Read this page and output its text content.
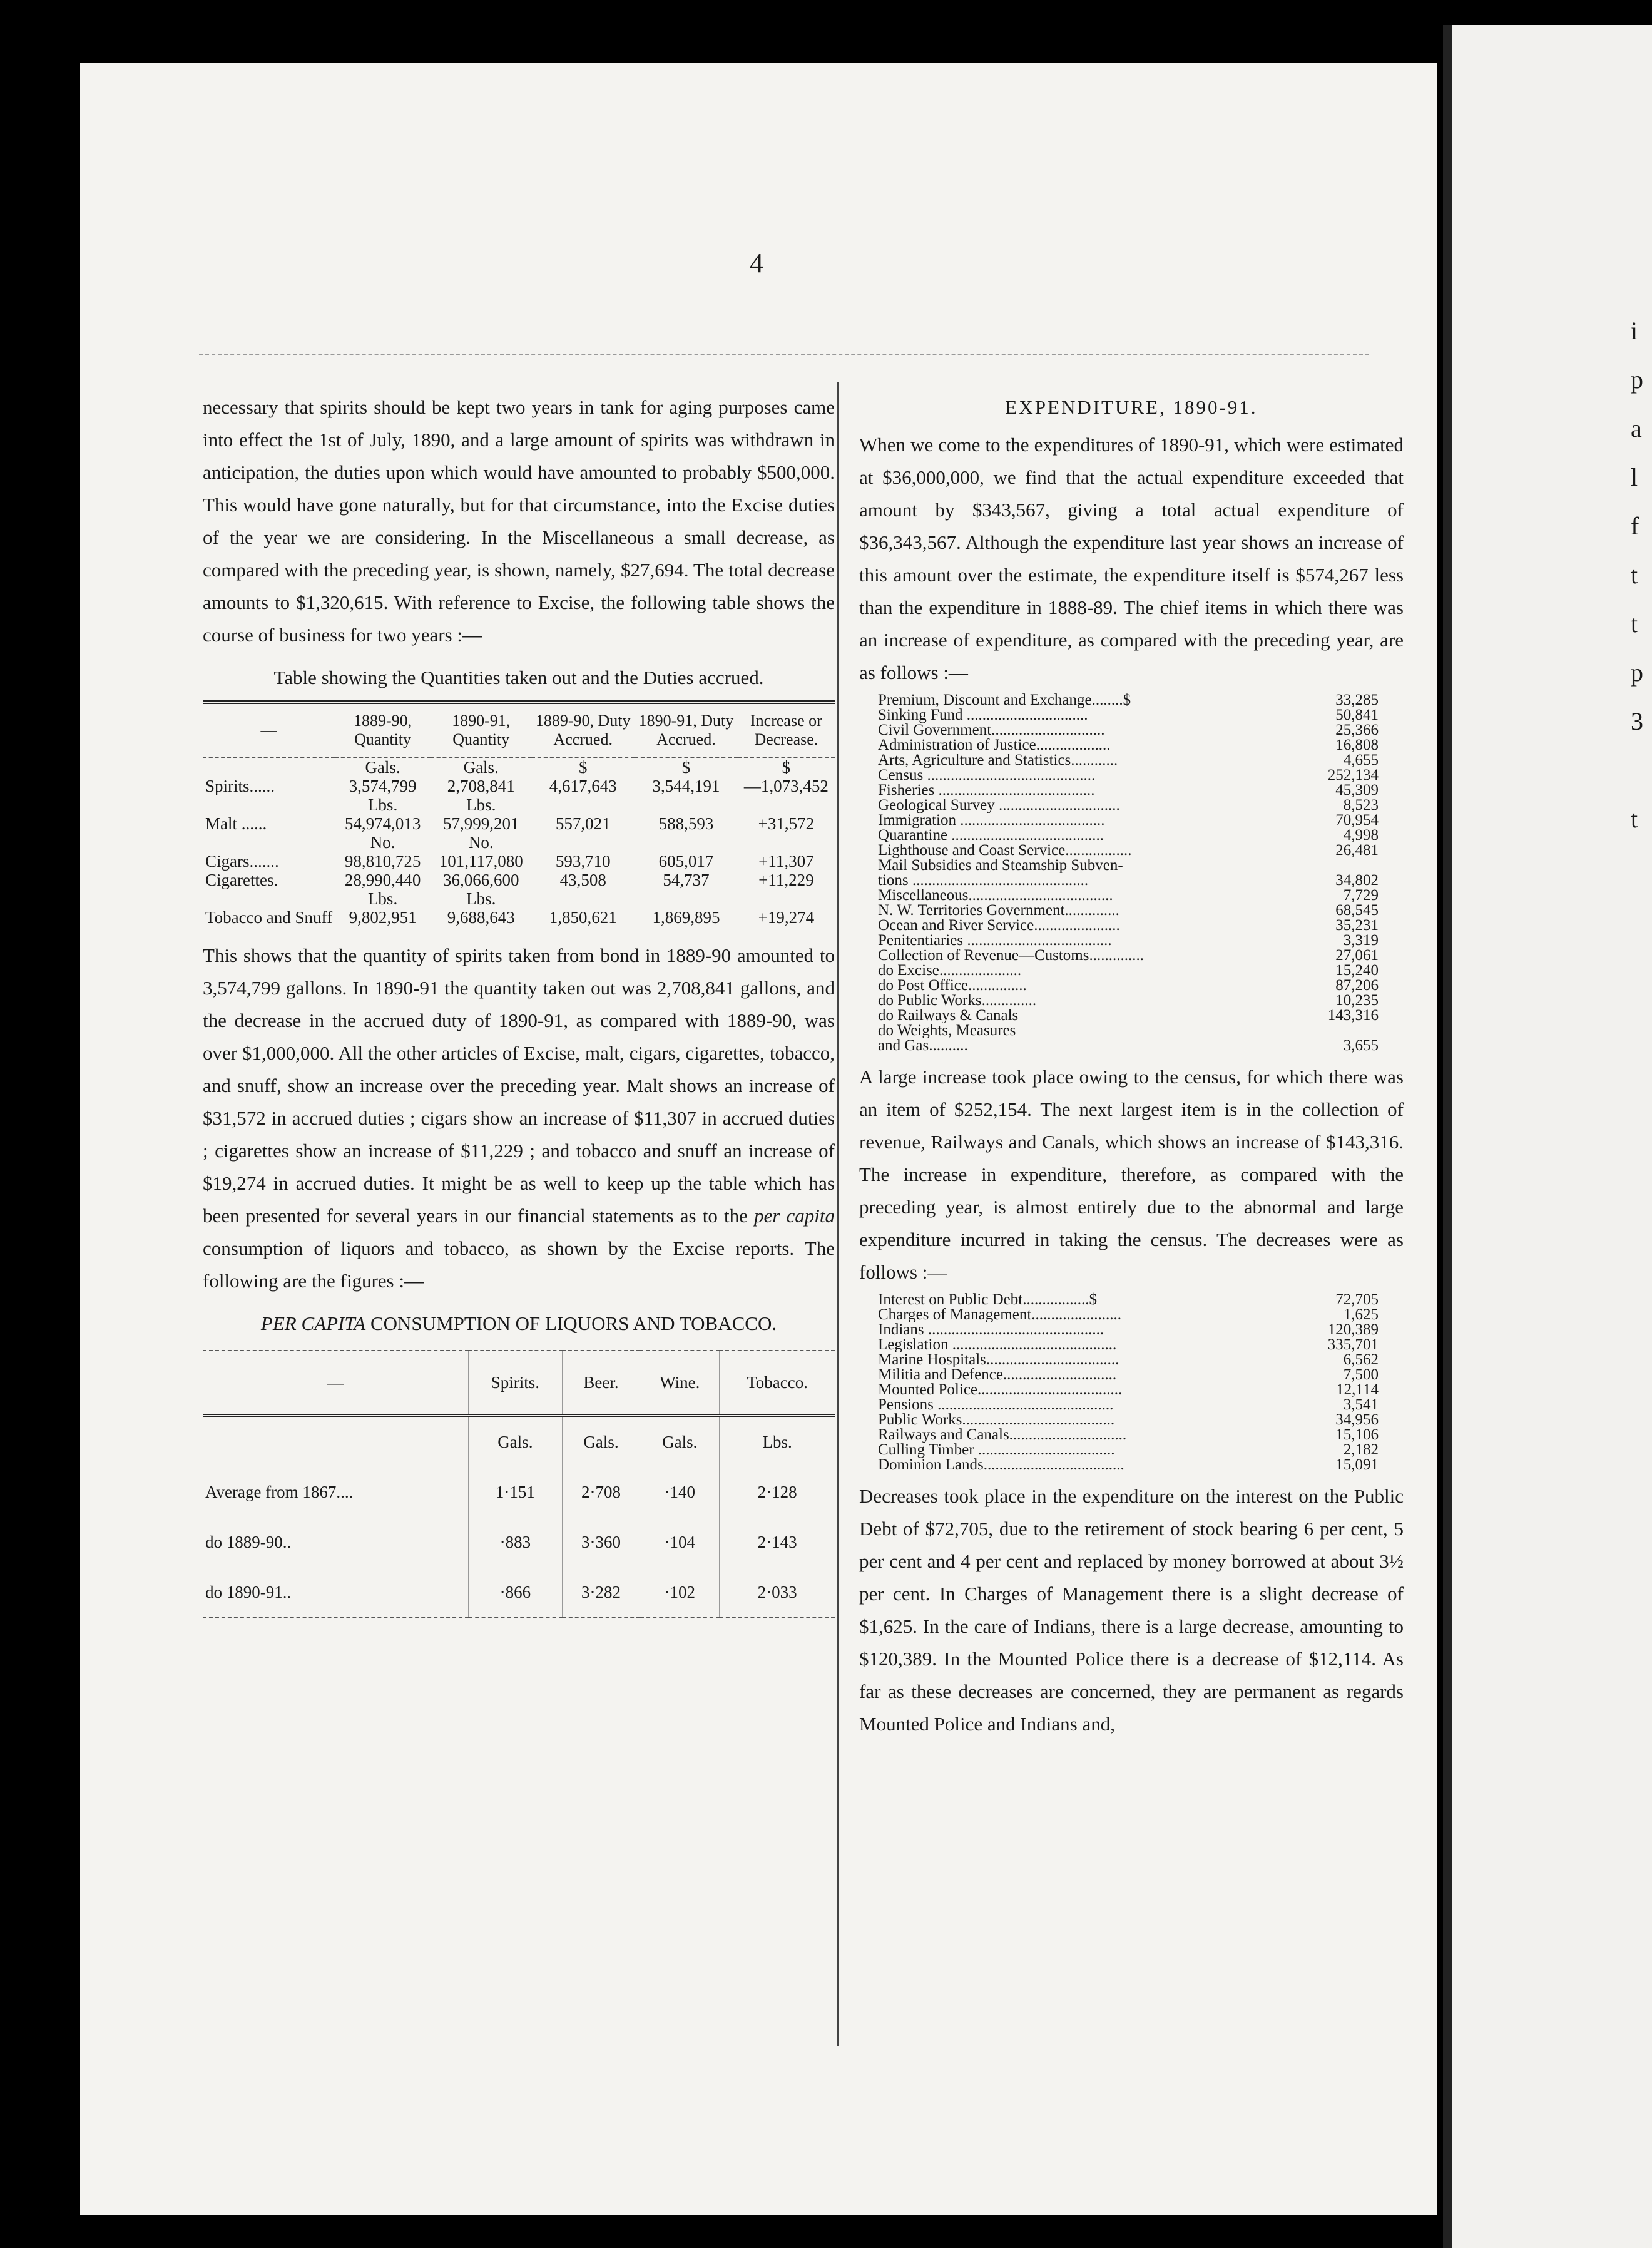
4

necessary that spirits should be kept two years in tank for aging purposes came into effect the 1st of July, 1890, and a large amount of spirits was withdrawn in anticipation, the duties upon which would have amounted to probably $500,000. This would have gone naturally, but for that circumstance, into the Excise duties of the year we are considering. In the Miscellaneous a small decrease, as compared with the preceding year, is shown, namely, $27,694. The total decrease amounts to $1,320,615. With reference to Excise, the following table shows the course of business for two years :—

Table showing the Quantities taken out and the Duties accrued.
—	1889-90, Quantity	1890-91, Quantity	1889-90, Duty Accrued.	1890-91, Duty Accrued.	Increase or Decrease.
	Gals.	Gals.	$	$	$
Spirits......	3,574,799	2,708,841	4,617,643	3,544,191	—1,073,452
	Lbs.	Lbs.			
Malt ......	54,974,013	57,999,201	557,021	588,593	+31,572
	No.	No.			
Cigars.......	98,810,725	101,117,080	593,710	605,017	+11,307
Cigarettes.	28,990,440	36,066,600	43,508	54,737	+11,229
	Lbs.	Lbs.			
Tobacco and Snuff	9,802,951	9,688,643	1,850,621	1,869,895	+19,274

This shows that the quantity of spirits taken from bond in 1889-90 amounted to 3,574,799 gallons. In 1890-91 the quantity taken out was 2,708,841 gallons, and the decrease in the accrued duty of 1890-91, as compared with 1889-90, was over $1,000,000. All the other articles of Excise, malt, cigars, cigarettes, tobacco, and snuff, show an increase over the preceding year. Malt shows an increase of $31,572 in accrued duties ; cigars show an increase of $11,307 in accrued duties ; cigarettes show an increase of $11,229 ; and tobacco and snuff an increase of $19,274 in accrued duties. It might be as well to keep up the table which has been presented for several years in our financial statements as to the per capita consumption of liquors and tobacco, as shown by the Excise reports. The following are the figures :—

PER CAPITA CONSUMPTION OF LIQUORS AND TOBACCO.
—	Spirits.	Beer.	Wine.	Tobacco.
	Gals.	Gals.	Gals.	Lbs.
Average from 1867....	1·151	2·708	·140	2·128
do 1889-90..	·883	3·360	·104	2·143
do 1890-91..	·866	3·282	·102	2·033
EXPENDITURE, 1890-91.

When we come to the expenditures of 1890-91, which were estimated at $36,000,000, we find that the actual expenditure exceeded that amount by $343,567, giving a total actual expenditure of $36,343,567. Although the expenditure last year shows an increase of this amount over the estimate, the expenditure itself is $574,267 less than the expenditure in 1888-89. The chief items in which there was an increase of expenditure, as compared with the preceding year, are as follows :—

Premium, Discount and Exchange........$	33,285
Sinking Fund ...............................	50,841
Civil Government.............................	25,366
Administration of Justice...................	16,808
Arts, Agriculture and Statistics............	4,655
Census ...........................................	252,134
Fisheries ........................................	45,309
Geological Survey ...............................	8,523
Immigration .....................................	70,954
Quarantine .......................................	4,998
Lighthouse and Coast Service.................	26,481
Mail Subsidies and Steamship Subven-
tions .............................................	34,802
Miscellaneous.....................................	7,729
N. W. Territories Government..............	68,545
Ocean and River Service......................	35,231
Penitentiaries .....................................	3,319
Collection of Revenue—Customs..............	27,061
do Excise.....................	15,240
do Post Office...............	87,206
do Public Works..............	10,235
do Railways & Canals	143,316
do Weights, Measures
and Gas..........	3,655

A large increase took place owing to the census, for which there was an item of $252,154. The next largest item is in the collection of revenue, Railways and Canals, which shows an increase of $143,316. The increase in expenditure, therefore, as compared with the preceding year, is almost entirely due to the abnormal and large expenditure incurred in taking the census. The decreases were as follows :—

Interest on Public Debt.................$	72,705
Charges of Management.......................	1,625
Indians .............................................	120,389
Legislation ..........................................	335,701
Marine Hospitals..................................	6,562
Militia and Defence.............................	7,500
Mounted Police.....................................	12,114
Pensions .............................................	3,541
Public Works.......................................	34,956
Railways and Canals..............................	15,106
Culling Timber ...................................	2,182
Dominion Lands....................................	15,091

Decreases took place in the expenditure on the interest on the Public Debt of $72,705, due to the retirement of stock bearing 6 per cent, 5 per cent and 4 per cent and replaced by money borrowed at about 3½ per cent. In Charges of Management there is a slight decrease of $1,625. In the care of Indians, there is a large decrease, amounting to $120,389. In the Mounted Police there is a decrease of $12,114. As far as these decreases are concerned, they are permanent as regards Mounted Police and Indians and,

i
p
a
l
f
t
t
p
3
t
